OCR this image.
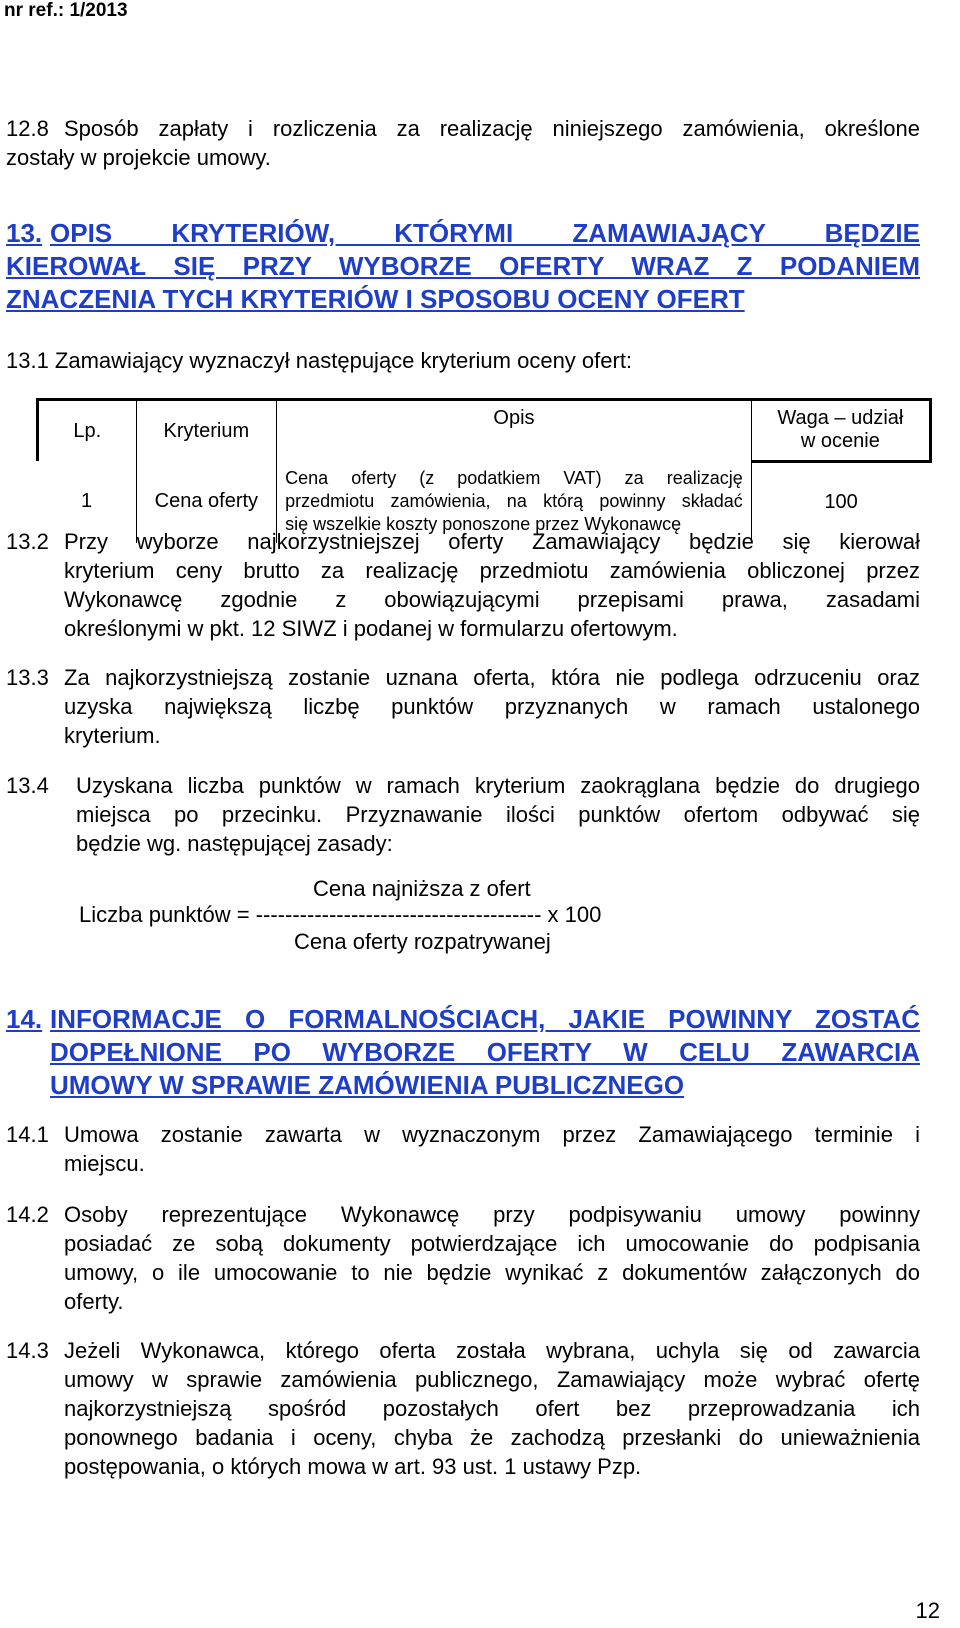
nr ref.: 1/2013
12.8 Sposób zapłaty i rozliczenia za realizację niniejszego zamówienia, określone
zostały w projekcie umowy.
13. OPIS KRYTERIÓW, KTÓRYMI ZAMAWIAJĄCY BĘDZIE
KIEROWAŁ SIĘ PRZY WYBORZE OFERTY WRAZ Z PODANIEM
ZNACZENIA TYCH KRYTERIÓW I SPOSOBU OCENY OFERT
13.1 Zamawiający wyznaczył następujące kryterium oceny ofert:
Lp.	Kryterium	Opis	Waga – udział
w ocenie

1	Cena oferty	Cena oferty (z podatkiem VAT) za realizację
przedmiotu zamówienia, na którą powinny składać
się wszelkie koszty ponoszone przez Wykonawcę	100
13.2 Przy wyborze najkorzystniejszej oferty Zamawiający będzie się kierował
kryterium ceny brutto za realizację przedmiotu zamówienia obliczonej przez
Wykonawcę zgodnie z obowiązującymi przepisami prawa, zasadami
określonymi w pkt. 12 SIWZ i podanej w formularzu ofertowym.
13.3 Za najkorzystniejszą zostanie uznana oferta, która nie podlega odrzuceniu oraz
uzyska największą liczbę punktów przyznanych w ramach ustalonego
kryterium.
13.4 Uzyskana liczba punktów w ramach kryterium zaokrąglana będzie do drugiego
miejsca po przecinku. Przyznawanie ilości punktów ofertom odbywać się
będzie wg. następującej zasady:
Cena najniższa z ofert
Liczba punktów = --------------------------------------- x 100
Cena oferty rozpatrywanej
14. INFORMACJE O FORMALNOŚCIACH, JAKIE POWINNY ZOSTAĆ
DOPEŁNIONE PO WYBORZE OFERTY W CELU ZAWARCIA
UMOWY W SPRAWIE ZAMÓWIENIA PUBLICZNEGO
14.1 Umowa zostanie zawarta w wyznaczonym przez Zamawiającego terminie i
miejscu.
14.2 Osoby reprezentujące Wykonawcę przy podpisywaniu umowy powinny
posiadać ze sobą dokumenty potwierdzające ich umocowanie do podpisania
umowy, o ile umocowanie to nie będzie wynikać z dokumentów załączonych do
oferty.
14.3 Jeżeli Wykonawca, którego oferta została wybrana, uchyla się od zawarcia
umowy w sprawie zamówienia publicznego, Zamawiający może wybrać ofertę
najkorzystniejszą spośród pozostałych ofert bez przeprowadzania ich
ponownego badania i oceny, chyba że zachodzą przesłanki do unieważnienia
postępowania, o których mowa w art. 93 ust. 1 ustawy Pzp.
12
